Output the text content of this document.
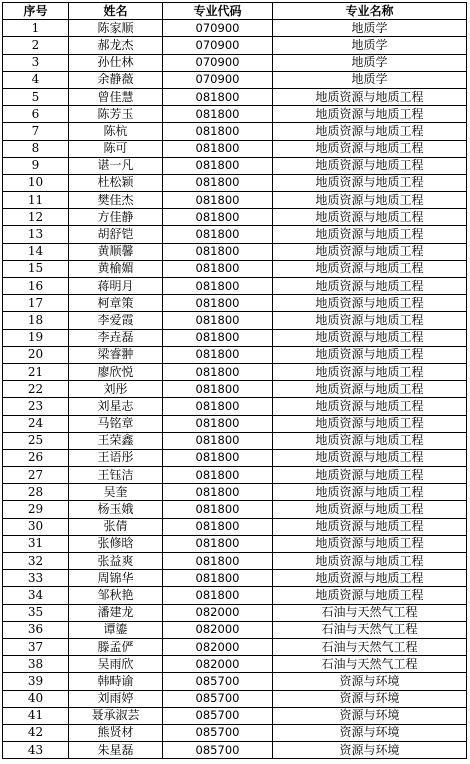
序号	姓名	专业代码	专业名称
1	陈家顺	070900	地质学
2	郝龙杰	070900	地质学
3	孙仕林	070900	地质学
4	余静薇	070900	地质学
5	曾佳慧	081800	地质资源与地质工程
6	陈芳玉	081800	地质资源与地质工程
7	陈杭	081800	地质资源与地质工程
8	陈可	081800	地质资源与地质工程
9	谌一凡	081800	地质资源与地质工程
10	杜松颖	081800	地质资源与地质工程
11	樊佳杰	081800	地质资源与地质工程
12	方佳静	081800	地质资源与地质工程
13	胡舒铠	081800	地质资源与地质工程
14	黄顺馨	081800	地质资源与地质工程
15	黄榆媚	081800	地质资源与地质工程
16	蒋明月	081800	地质资源与地质工程
17	柯章策	081800	地质资源与地质工程
18	李爱霞	081800	地质资源与地质工程
19	李垚磊	081800	地质资源与地质工程
20	梁睿翀	081800	地质资源与地质工程
21	廖欣悦	081800	地质资源与地质工程
22	刘彤	081800	地质资源与地质工程
23	刘星志	081800	地质资源与地质工程
24	马铭章	081800	地质资源与地质工程
25	王荣鑫	081800	地质资源与地质工程
26	王语彤	081800	地质资源与地质工程
27	王钰洁	081800	地质资源与地质工程
28	吴奎	081800	地质资源与地质工程
29	杨玉娥	081800	地质资源与地质工程
30	张倩	081800	地质资源与地质工程
31	张修晗	081800	地质资源与地质工程
32	张益爽	081800	地质资源与地质工程
33	周锦华	081800	地质资源与地质工程
34	邹秋艳	081800	地质资源与地质工程
35	潘建龙	082000	石油与天然气工程
36	谭鎏	082000	石油与天然气工程
37	滕孟俨	082000	石油与天然气工程
38	吴雨欣	082000	石油与天然气工程
39	韩畤谕	085700	资源与环境
40	刘雨婷	085700	资源与环境
41	聂承淑芸	085700	资源与环境
42	熊贤材	085700	资源与环境
43	朱星磊	085700	资源与环境
